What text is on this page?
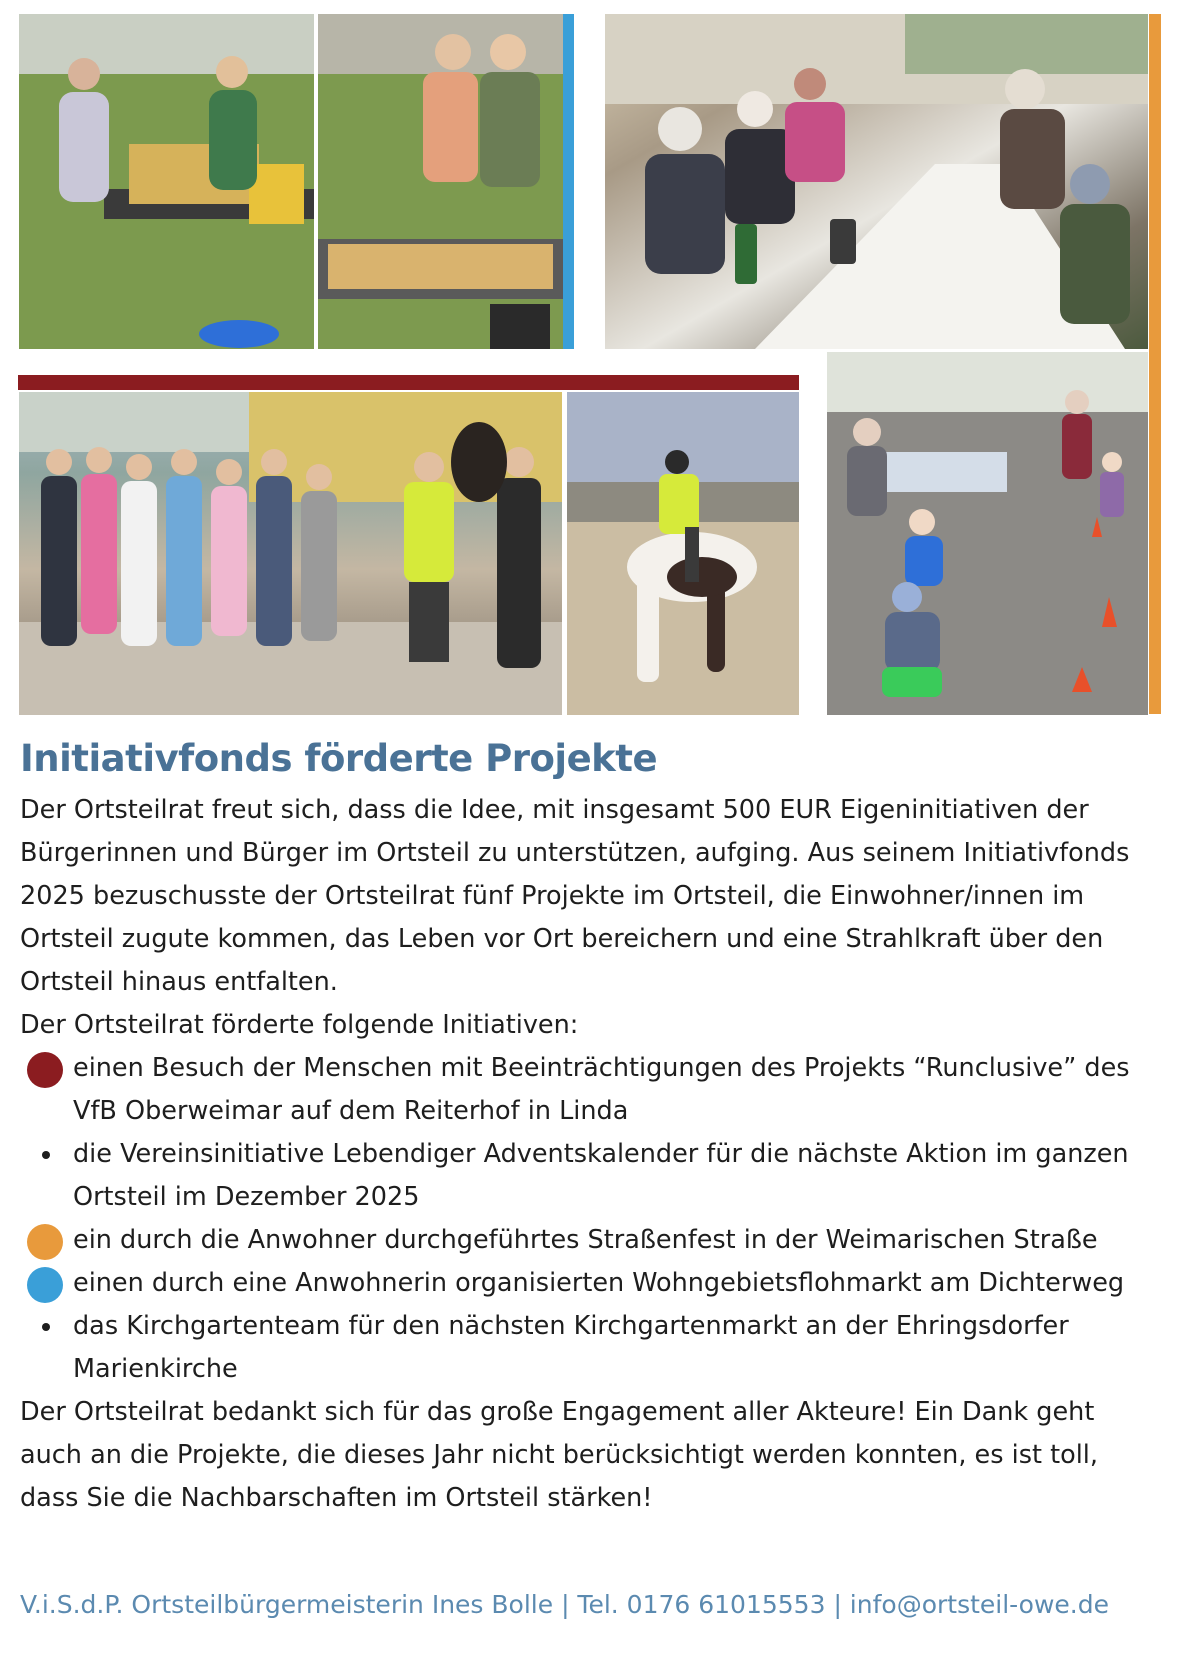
Initiativfonds förderte Projekte

Der Ortsteilrat freut sich, dass die Idee, mit insgesamt 500 EUR Eigeninitiativen der Bürgerinnen und Bürger im Ortsteil zu unterstützen, aufging. Aus seinem Initiativfonds 2025 bezuschusste der Ortsteilrat fünf Projekte im Ortsteil, die Einwohner/innen im Ortsteil zugute kommen, das Leben vor Ort bereichern und eine Strahlkraft über den Ortsteil hinaus entfalten.

Der Ortsteilrat förderte folgende Initiativen:

einen Besuch der Menschen mit Beeinträchtigungen des Projekts “Runclusive” des VfB Oberweimar auf dem Reiterhof in Linda
die Vereinsinitiative Lebendiger Adventskalender für die nächste Aktion im ganzen Ortsteil im Dezember 2025
ein durch die Anwohner durchgeführtes Straßenfest in der Weimarischen Straße
einen durch eine Anwohnerin organisierten Wohngebietsflohmarkt am Dichterweg
das Kirchgartenteam für den nächsten Kirchgartenmarkt an der Ehringsdorfer Marienkirche

Der Ortsteilrat bedankt sich für das große Engagement aller Akteure! Ein Dank geht auch an die Projekte, die dieses Jahr nicht berücksichtigt werden konnten, es ist toll, dass Sie die Nachbarschaften im Ortsteil stärken!

V.i.S.d.P. Ortsteilbürgermeisterin Ines Bolle | Tel. 0176 61015553 | info@ortsteil-owe.de
